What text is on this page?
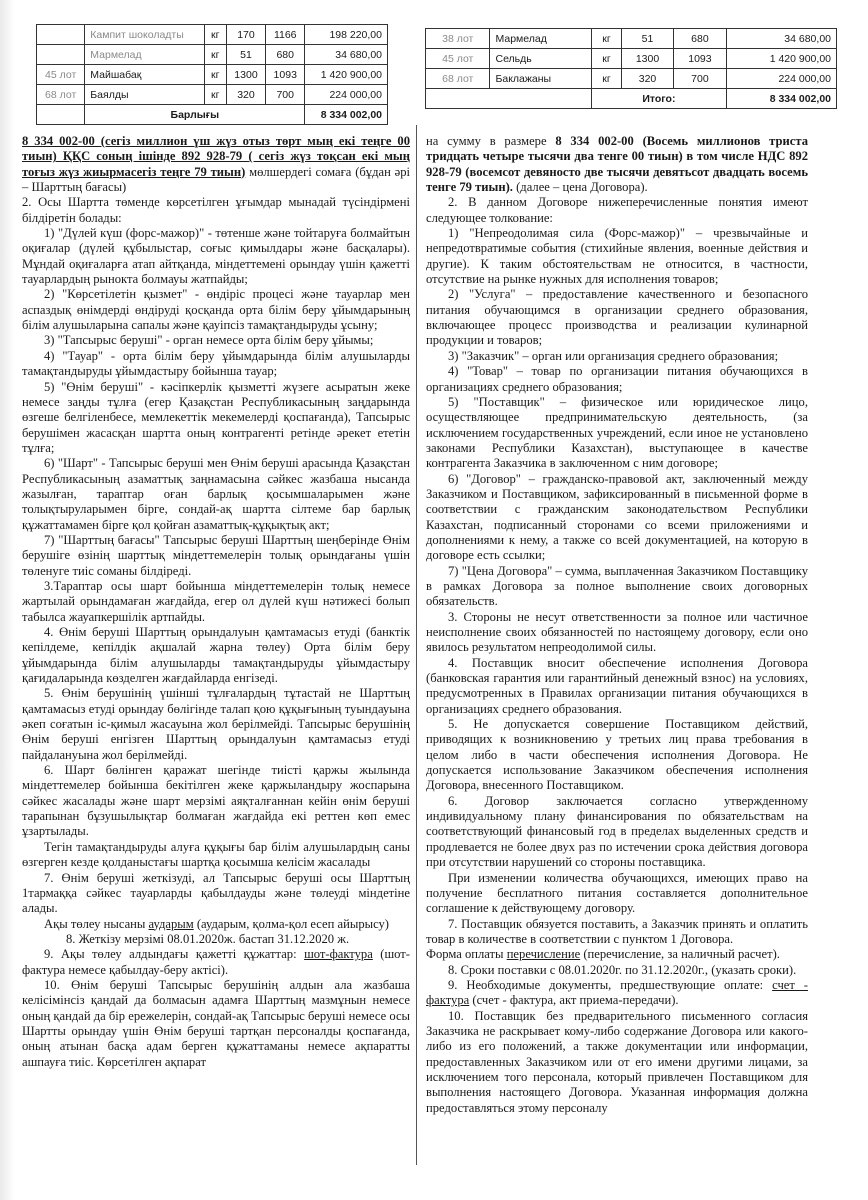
	Кампит шоколадты	кг	170	1166	198 220,00
	Мармелад	кг	51	680	34 680,00
45 лот	Майшабақ	кг	1300	1093	1 420 900,00
68 лот	Баялды	кг	320	700	224 000,00
	Барлығы				8 334 002,00
38 лот	Мармелад	кг	51	680	34 680,00
45 лот	Сельдь	кг	1300	1093	1 420 900,00
68 лот	Баклажаны	кг	320	700	224 000,00
		Итого:			8 334 002,00

8 334 002-00 (сегіз миллион үш жүз отыз төрт мың екі теңге 00 тиын) ҚҚС соның ішінде 892 928-79 ( сегіз жүз тоқсан екі мың тоғыз жүз жиырмасегіз теңге 79 тиын) мөлшердегі сомаға (бұдан әрі – Шарттың бағасы)

2. Осы Шартта төменде көрсетілген ұғымдар мынадай түсіндірмені білдіретін болады:

1) "Дүлей күш (форс-мажор)" - төтенше және тойтаруға болмайтын оқиғалар (дүлей құбылыстар, соғыс қимылдары және басқалары). Мұндай оқиғаларға атап айтқанда, міндеттемені орындау үшін қажетті тауарлардың рынокта болмауы жатпайды;

2) "Көрсетілетін қызмет" - өндіріс процесі және тауарлар мен аспаздық өнімдерді өндіруді қосқанда орта білім беру ұйымдарының білім алушыларына сапалы және қауіпсіз тамақтандыруды ұсыну;

3) "Тапсырыс беруші" - орган немесе орта білім беру ұйымы;

4) "Тауар" - орта білім беру ұйымдарында білім алушыларды тамақтандыруды ұйымдастыру бойынша тауар;

5) "Өнім беруші" - кәсіпкерлік қызметті жүзеге асыратын жеке немесе заңды тұлға (егер Қазақстан Республикасының заңдарында өзгеше белгіленбесе, мемлекеттік мекемелерді қоспағанда), Тапсырыс берушімен жасасқан шартта оның контрагенті ретінде әрекет ететін тұлға;

6) "Шарт" - Тапсырыс беруші мен Өнім беруші арасында Қазақстан Республикасының азаматтық заңнамасына сәйкес жазбаша нысанда жазылған, тараптар оған барлық қосымшаларымен және толықтыруларымен бірге, сондай-ақ шартта сілтеме бар барлық құжаттамамен бірге қол қойған азаматтық-құқықтық акт;

7) "Шарттың бағасы" Тапсырыс беруші Шарттың шеңберінде Өнім берушіге өзінің шарттық міндеттемелерін толық орындағаны үшін төленуге тиіс соманы білдіреді.

3.Тараптар осы шарт бойынша міндеттемелерін толық немесе жартылай орындамаған жағдайда, егер ол дүлей күш нәтижесі болып табылса жауапкершілік артпайды.

4. Өнім беруші Шарттың орындалуын қамтамасыз етуді (банктік кепілдеме, кепілдік ақшалай жарна төлеу) Орта білім беру ұйымдарында білім алушыларды тамақтандыруды ұйымдастыру қағидаларында көзделген жағдайларда енгізеді.

5. Өнім берушінің үшінші тұлғалардың тұтастай не Шарттың қамтамасыз етуді орындау бөлігінде талап қою құқығының туындауына әкеп соғатын іс-қимыл жасауына жол берілмейді. Тапсырыс берушінің Өнім беруші енгізген Шарттың орындалуын қамтамасыз етуді пайдалануына жол берілмейді.

6. Шарт бөлінген қаражат шегінде тиісті қаржы жылында міндеттемелер бойынша бекітілген жеке қаржыландыру жоспарына сәйкес жасалады және шарт мерзімі аяқталғаннан кейін өнім беруші тарапынан бұзушылықтар болмаған жағдайда екі реттен көп емес ұзартылады.

Тегін тамақтандыруды алуға құқығы бар білім алушылардың саны өзгерген кезде қолданыстағы шартқа қосымша келісім жасалады

7. Өнім беруші жеткізуді, ал Тапсырыс беруші осы Шарттың 1тармаққа сәйкес тауарларды қабылдауды және төлеуді міндетіне алады.

Ақы төлеу нысаны аударым (аударым, қолма-қол есеп айырысу)

8. Жеткізу мерзімі 08.01.2020ж. бастап 31.12.2020 ж.

9. Ақы төлеу алдындағы қажетті құжаттар: шот-фактура (шот-фактура немесе қабылдау-беру актісі).

10. Өнім беруші Тапсырыс берушінің алдын ала жазбаша келісімінсіз қандай да болмасын адамға Шарттың мазмұнын немесе оның қандай да бір ережелерін, сондай-ақ Тапсырыс беруші немесе осы Шартты орындау үшін Өнім беруші тартқан персоналды қоспағанда, оның атынан басқа адам берген құжаттаманы немесе ақпаратты ашпауға тиіс. Көрсетілген ақпарат

на сумму в размере 8 334 002-00 (Восемь миллионов триста тридцать четыре тысячи два тенге 00 тиын) в том числе НДС 892 928-79 (восемсот девяносто две тысячи девятьсот двадцать восемь тенге 79 тиын). (далее – цена Договора).

2. В данном Договоре нижеперечисленные понятия имеют следующее толкование:

1) "Непреодолимая сила (Форс-мажор)" – чрезвычайные и непредотвратимые события (стихийные явления, военные действия и другие). К таким обстоятельствам не относится, в частности, отсутствие на рынке нужных для исполнения товаров;

2) "Услуга" – предоставление качественного и безопасного питания обучающимся в организации среднего образования, включающее процесс производства и реализации кулинарной продукции и товаров;

3) "Заказчик" – орган или организация среднего образования;

4) "Товар" – товар по организации питания обучающихся в организациях среднего образования;

5) "Поставщик" – физическое или юридическое лицо, осуществляющее предпринимательскую деятельность, (за исключением государственных учреждений, если иное не установлено законами Республики Казахстан), выступающее в качестве контрагента Заказчика в заключенном с ним договоре;

6) "Договор" – гражданско-правовой акт, заключенный между Заказчиком и Поставщиком, зафиксированный в письменной форме в соответствии с гражданским законодательством Республики Казахстан, подписанный сторонами со всеми приложениями и дополнениями к нему, а также со всей документацией, на которую в договоре есть ссылки;

7) "Цена Договора" – сумма, выплаченная Заказчиком Поставщику в рамках Договора за полное выполнение своих договорных обязательств.

3. Стороны не несут ответственности за полное или частичное неисполнение своих обязанностей по настоящему договору, если оно явилось результатом непреодолимой силы.

4. Поставщик вносит обеспечение исполнения Договора (банковская гарантия или гарантийный денежный взнос) на условиях, предусмотренных в Правилах организации питания обучающихся в организациях среднего образования.

5. Не допускается совершение Поставщиком действий, приводящих к возникновению у третьих лиц права требования в целом либо в части обеспечения исполнения Договора. Не допускается использование Заказчиком обеспечения исполнения Договора, внесенного Поставщиком.

6. Договор заключается согласно утвержденному индивидуальному плану финансирования по обязательствам на соответствующий финансовый год в пределах выделенных средств и продлевается не более двух раз по истечении срока действия договора при отсутствии нарушений со стороны поставщика.

При изменении количества обучающихся, имеющих право на получение бесплатного питания составляется дополнительное соглашение к действующему договору.

7. Поставщик обязуется поставить, а Заказчик принять и оплатить товар в количестве в соответствии с пунктом 1 Договора.

Форма оплаты перечисление (перечисление, за наличный расчет).

8. Сроки поставки с 08.01.2020г. по 31.12.2020г., (указать сроки).

9. Необходимые документы, предшествующие оплате: счет - фактура (счет - фактура, акт приема-передачи).

10. Поставщик без предварительного письменного согласия Заказчика не раскрывает кому-либо содержание Договора или какого-либо из его положений, а также документации или информации, предоставленных Заказчиком или от его имени другими лицами, за исключением того персонала, который привлечен Поставщиком для выполнения настоящего Договора. Указанная информация должна предоставляться этому персоналу
